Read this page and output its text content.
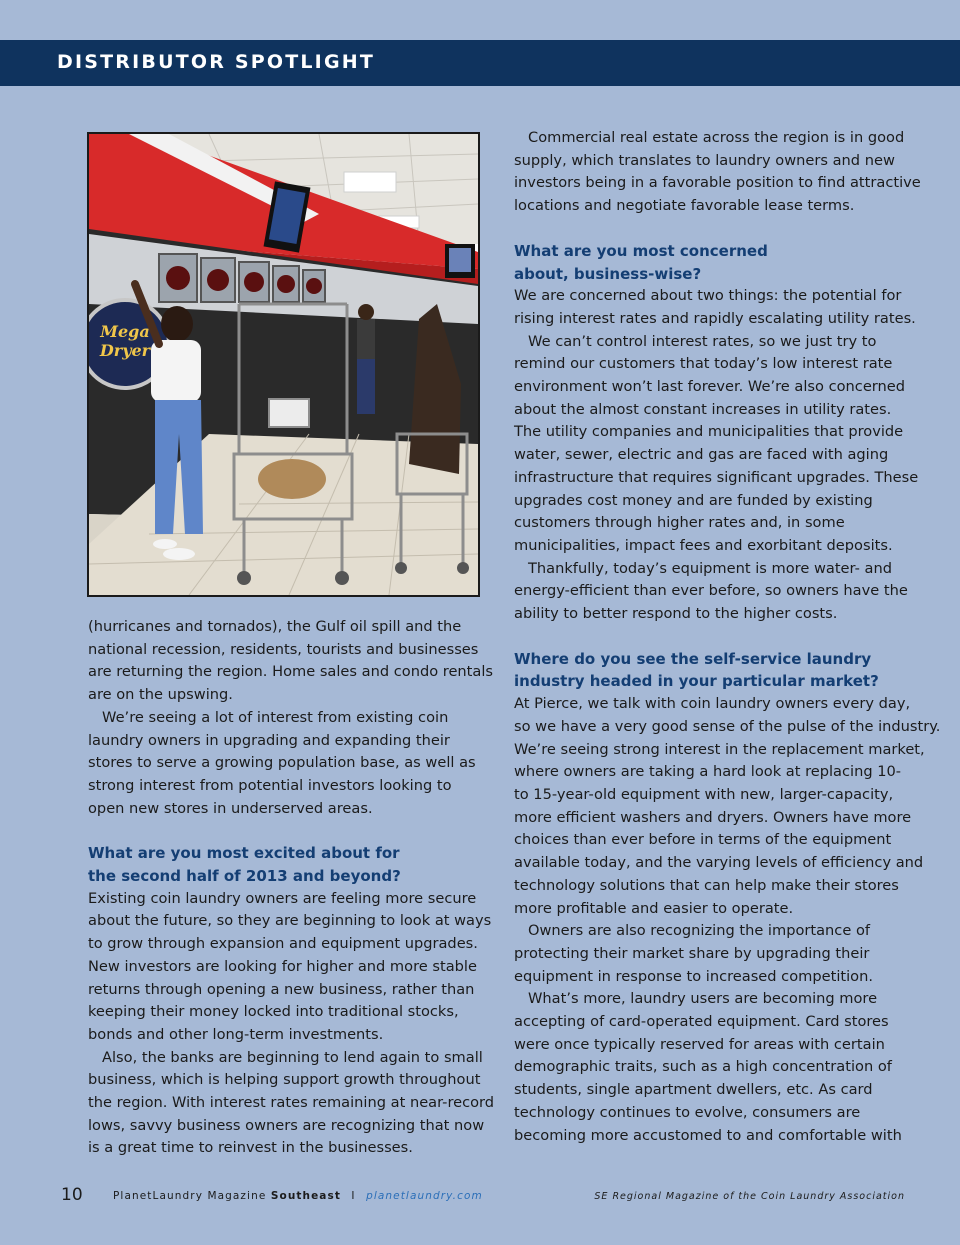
DISTRIBUTOR SPOTLIGHT
Mega
Dryer

(hurricanes and tornados), the Gulf oil spill and the

national recession, residents, tourists and businesses

are returning the region. Home sales and condo rentals

are on the upswing.

We’re seeing a lot of interest from existing coin

laundry owners in upgrading and expanding their

stores to serve a growing population base, as well as

strong interest from potential investors looking to

open new stores in underserved areas.

What are you most excited about for
the second half of 2013 and beyond?

Existing coin laundry owners are feeling more secure

about the future, so they are beginning to look at ways

to grow through expansion and equipment upgrades.

New investors are looking for higher and more stable

returns through opening a new business, rather than

keeping their money locked into traditional stocks,

bonds and other long-term investments.

Also, the banks are beginning to lend again to small

business, which is helping support growth throughout

the region. With interest rates remaining at near-record

lows, savvy business owners are recognizing that now

is a great time to reinvest in the businesses.

Commercial real estate across the region is in good

supply, which translates to laundry owners and new

investors being in a favorable position to find attractive

locations and negotiate favorable lease terms.

What are you most concerned
about, business-wise?

We are concerned about two things: the potential for

rising interest rates and rapidly escalating utility rates.

We can’t control interest rates, so we just try to

remind our customers that today’s low interest rate

environment won’t last forever. We’re also concerned

about the almost constant increases in utility rates.

The utility companies and municipalities that provide

water, sewer, electric and gas are faced with aging

infrastructure that requires significant upgrades. These

upgrades cost money and are funded by existing

customers through higher rates and, in some

municipalities, impact fees and exorbitant deposits.

Thankfully, today’s equipment is more water- and

energy-efficient than ever before, so owners have the

ability to better respond to the higher costs.

Where do you see the self-service laundry
industry headed in your particular market?

At Pierce, we talk with coin laundry owners every day,

so we have a very good sense of the pulse of the industry.

We’re seeing strong interest in the replacement market,

where owners are taking a hard look at replacing 10-

to 15-year-old equipment with new, larger-capacity,

more efficient washers and dryers. Owners have more

choices than ever before in terms of the equipment

available today, and the varying levels of efficiency and

technology solutions that can help make their stores

more profitable and easier to operate.

Owners are also recognizing the importance of

protecting their market share by upgrading their

equipment in response to increased competition.

What’s more, laundry users are becoming more

accepting of card-operated equipment. Card stores

were once typically reserved for areas with certain

demographic traits, such as a high concentration of

students, single apartment dwellers, etc. As card

technology continues to evolve, consumers are

becoming more accustomed to and comfortable with

10	PlanetLaundry Magazine Southeast I planetlaundry.com	SE Regional Magazine of the Coin Laundry Association
